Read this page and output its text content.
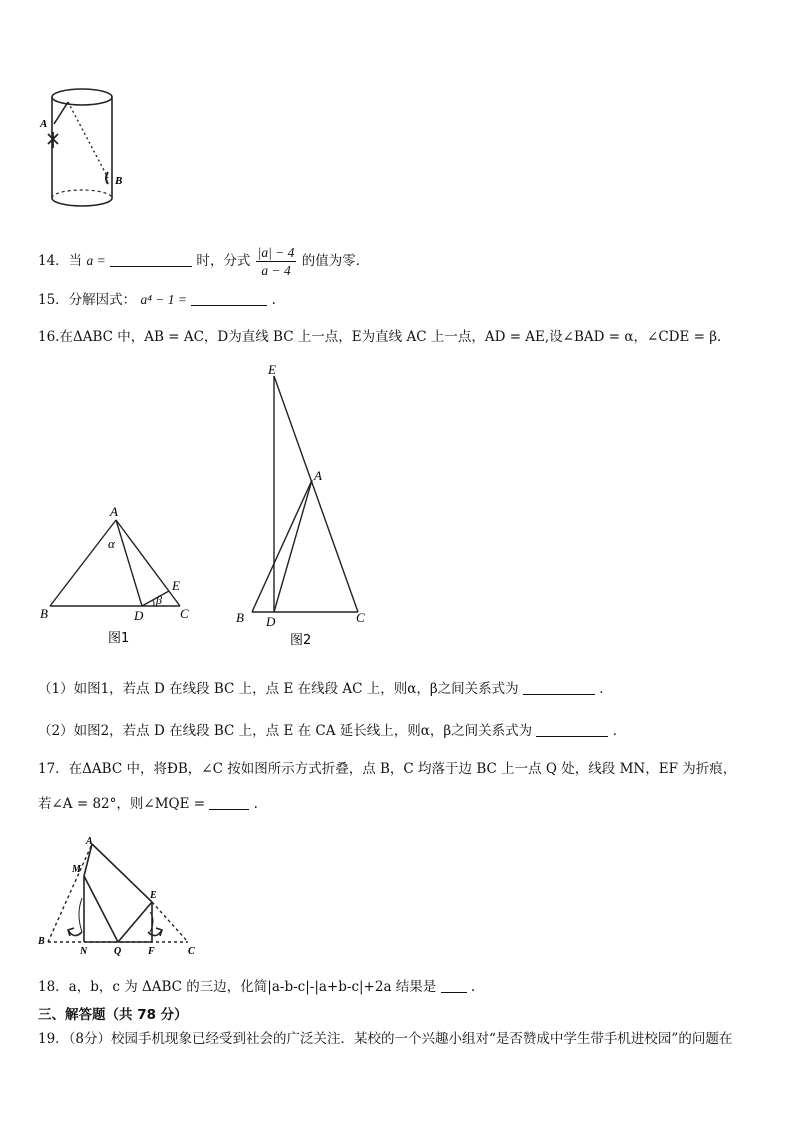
A
B
14．当 a =	时，分式 $\frac{|a| - 4}{a - 4}$ 的值为零．
15．分解因式： a⁴ − 1 =	.
16.在ΔABC 中，AB = AC，D为直线 BC 上一点，E为直线 AC 上一点，AD = AE,设∠BAD = α，∠CDE = β．
A
α
B	D
β
E
C
图1
E
A
B D	C
图2
（1）如图1，若点 D 在线段 BC 上，点 E 在线段 AC 上，则α，β之间关系式为	．
（2）如图2，若点 D 在线段 BC 上，点 E 在 CA 延长线上，则α，β之间关系式为	．
17．在ΔABC 中，将ÐB，∠C 按如图所示方式折叠，点 B，C 均落于边 BC 上一点 Q 处，线段 MN，EF 为折痕，
若∠A = 82°，则∠MQE =	.
A
M
E
B
N	Q	F	C
18．a，b，c 为 ΔABC 的三边，化简|a-b-c|-|a+b-c|+2a 结果是	.
三、解答题（共 78 分）
19．（8分）校园手机现象已经受到社会的广泛关注．某校的一个兴趣小组对“是否赞成中学生带手机进校园”的问题在
